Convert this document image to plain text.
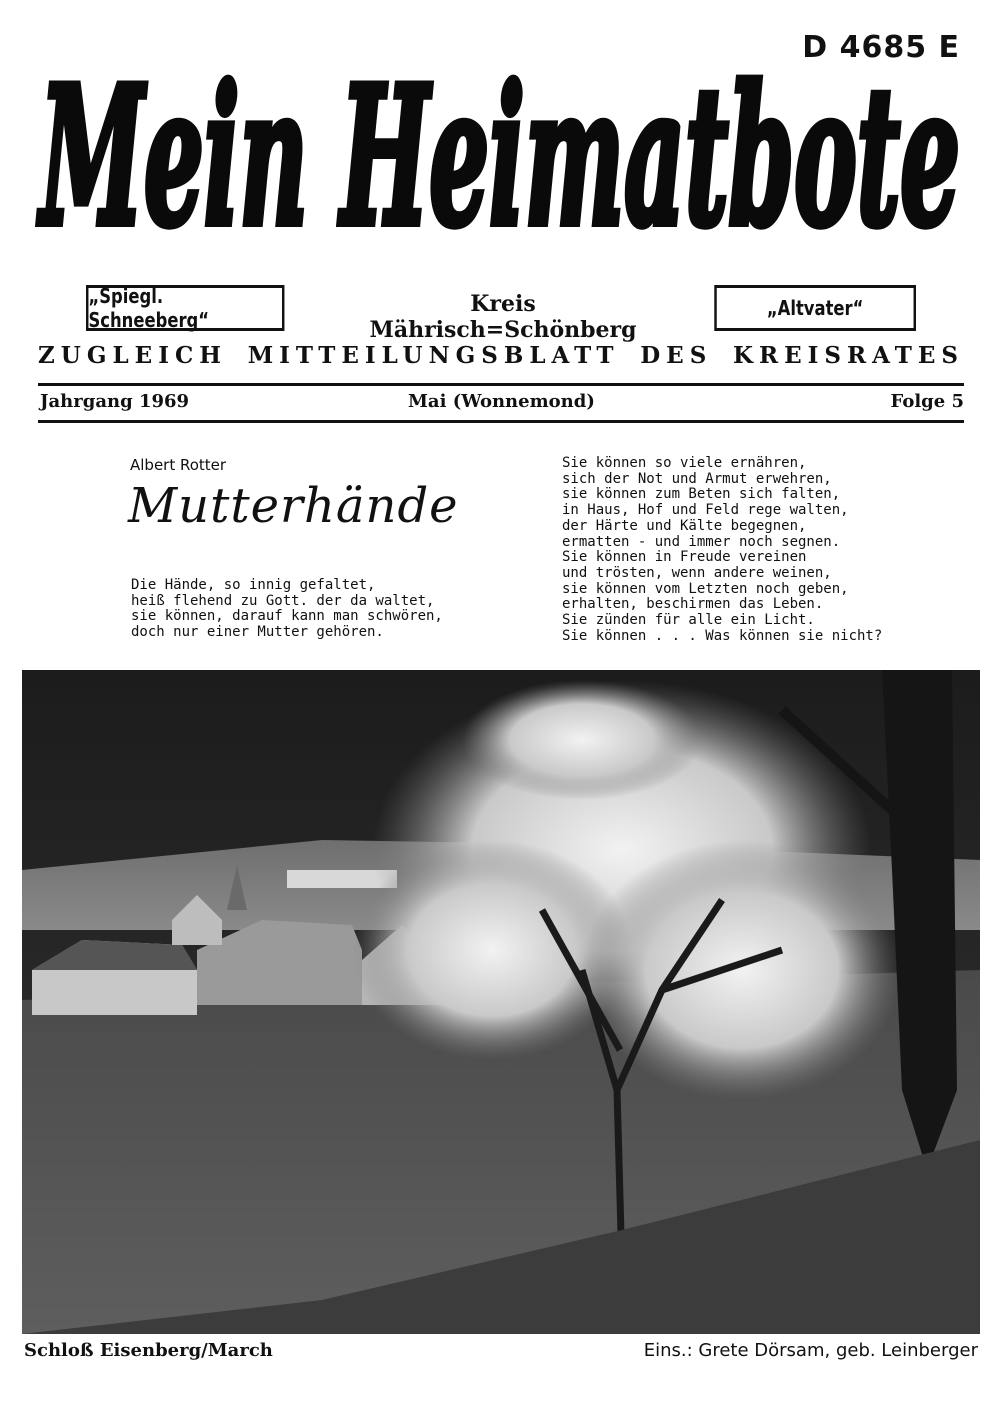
D 4685 E
Mein Heimatbote
„Spiegl. Schneeberg“
Kreis Mährisch=Schönberg
„Altvater“
ZUGLEICH MITTEILUNGSBLATT DES KREISRATES
Jahrgang 1969	Mai (Wonnemond)	Folge 5
Albert Rotter
Mutterhände
Die Hände, so innig gefaltet,
heiß flehend zu Gott. der da waltet,
sie können, darauf kann man schwören,
doch nur einer Mutter gehören.
Sie können so viele ernähren,
sich der Not und Armut erwehren,
sie können zum Beten sich falten,
in Haus, Hof und Feld rege walten,
der Härte und Kälte begegnen,
ermatten - und immer noch segnen.
Sie können in Freude vereinen
und trösten, wenn andere weinen,
sie können vom Letzten noch geben,
erhalten, beschirmen das Leben.
Sie zünden für alle ein Licht.
Sie können . . . Was können sie nicht?
Schloß Eisenberg/March	Eins.: Grete Dörsam, geb. Leinberger
